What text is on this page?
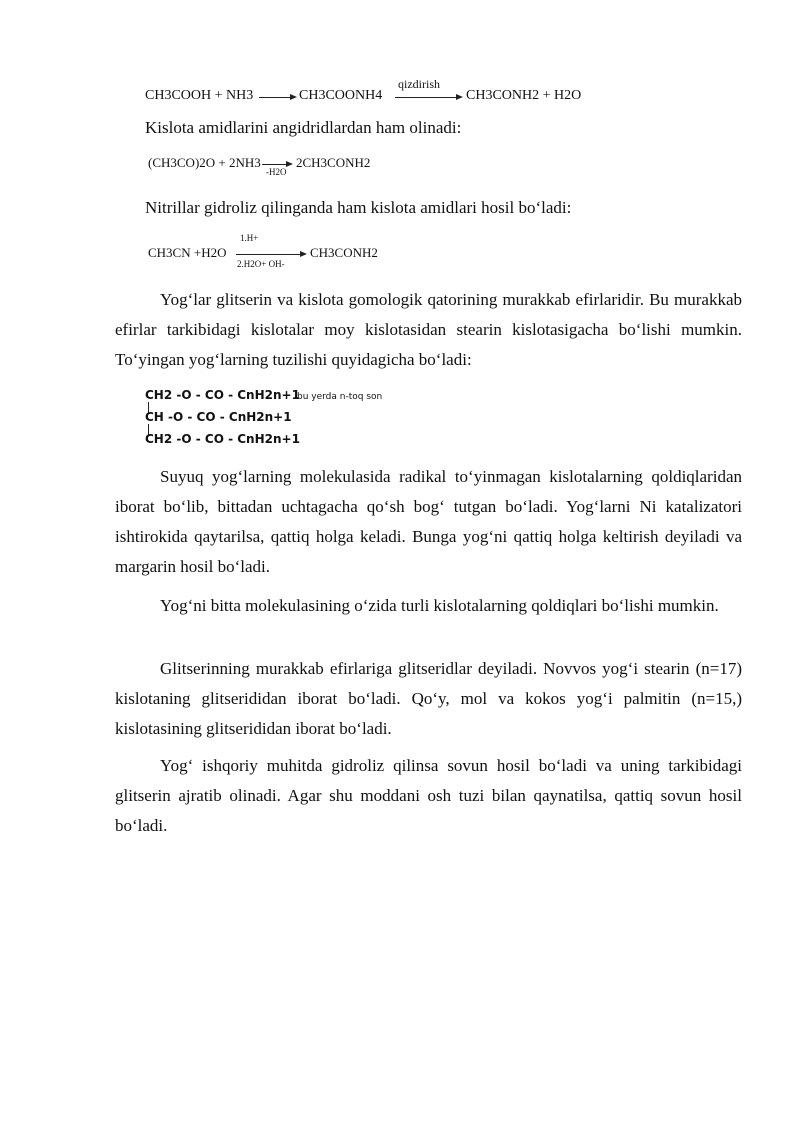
CH3COOH + NH3	CH3COONH4
qizdirish
CH3CONH2 + H2O
Kislota amidlarini angidridlardan ham olinadi:
(CH3CO)2O + 2NH3
-H2O
2CH3CONH2
Nitrillar gidroliz qilinganda ham kislota amidlari hosil boʻladi:
CH3CN +H2O
1.H+
2.H2O+ OH-
CH3CONH2
Yogʻlar glitserin va kislota gomologik qatorining murakkab efirlaridir. Bu murakkab efirlar tarkibidagi kislotalar moy kislotasidan stearin kislotasigacha boʻlishi mumkin. Toʻyingan yogʻlarning tuzilishi quyidagicha boʻladi:
CH2 -O - CO - CnH2n+1
CH -O - CO - CnH2n+1
CH2 -O - CO - CnH2n+1
bu yerda n-toq son
Suyuq yogʻlarning molekulasida radikal toʻyinmagan kislotalarning qoldiqlaridan iborat boʻlib, bittadan uchtagacha qoʻsh bogʻ tutgan boʻladi. Yogʻlarni Ni katalizatori ishtirokida qaytarilsa, qattiq holga keladi. Bunga yogʻni qattiq holga keltirish deyiladi va margarin hosil boʻladi.
Yogʻni bitta molekulasining oʻzida turli kislotalarning qoldiqlari boʻlishi mumkin.
Glitserinning murakkab efirlariga glitseridlar deyiladi. Novvos yogʻi stearin (n=17) kislotaning glitserididan iborat boʻladi. Qoʻy, mol va kokos yogʻi palmitin (n=15,) kislotasining glitserididan iborat boʻladi.
Yogʻ ishqoriy muhitda gidroliz qilinsa sovun hosil boʻladi va uning tarkibidagi glitserin ajratib olinadi. Agar shu moddani osh tuzi bilan qaynatilsa, qattiq sovun hosil boʻladi.
